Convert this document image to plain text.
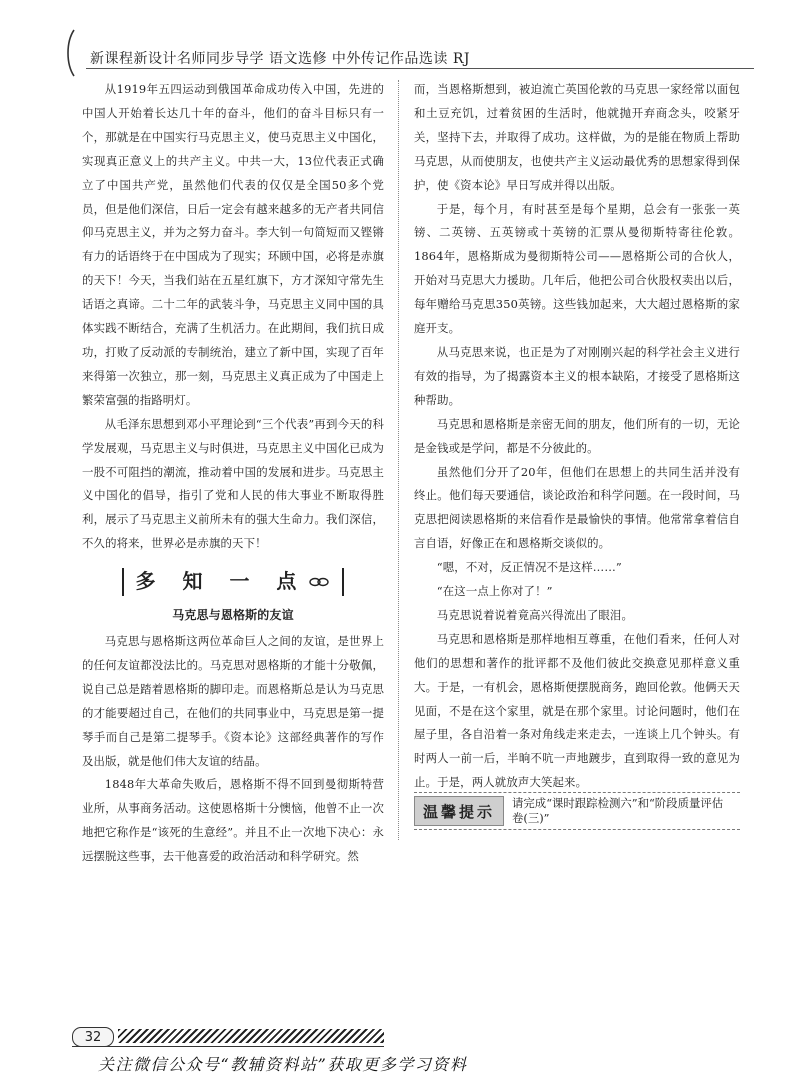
新课程新设计名师同步导学 语文选修 中外传记作品选读 RJ

从1919年五四运动到俄国革命成功传入中国，先进的中国人开始着长达几十年的奋斗，他们的奋斗目标只有一个，那就是在中国实行马克思主义，使马克思主义中国化，实现真正意义上的共产主义。中共一大，13位代表正式确立了中国共产党，虽然他们代表的仅仅是全国50多个党员，但是他们深信，日后一定会有越来越多的无产者共同信仰马克思主义，并为之努力奋斗。李大钊一句简短而又铿锵有力的话语终于在中国成为了现实；环顾中国，必将是赤旗的天下！今天，当我们站在五星红旗下，方才深知守常先生话语之真谛。二十二年的武装斗争，马克思主义同中国的具体实践不断结合，充满了生机活力。在此期间，我们抗日成功，打败了反动派的专制统治，建立了新中国，实现了百年来得第一次独立，那一刻，马克思主义真正成为了中国走上繁荣富强的指路明灯。

从毛泽东思想到邓小平理论到“三个代表”再到今天的科学发展观，马克思主义与时俱进，马克思主义中国化已成为一股不可阻挡的潮流，推动着中国的发展和进步。马克思主义中国化的倡导，指引了党和人民的伟大事业不断取得胜利，展示了马克思主义前所未有的强大生命力。我们深信，不久的将来，世界必是赤旗的天下！

多 知 一 点
马克思与恩格斯的友谊

马克思与恩格斯这两位革命巨人之间的友谊，是世界上的任何友谊都没法比的。马克思对恩格斯的才能十分敬佩，说自己总是踏着恩格斯的脚印走。而恩格斯总是认为马克思的才能要超过自己，在他们的共同事业中，马克思是第一提琴手而自己是第二提琴手。《资本论》这部经典著作的写作及出版，就是他们伟大友谊的结晶。

1848年大革命失败后，恩格斯不得不回到曼彻斯特营业所，从事商务活动。这使恩格斯十分懊恼，他曾不止一次地把它称作是“该死的生意经”。并且不止一次地下决心：永远摆脱这些事，去干他喜爱的政治活动和科学研究。然

而，当恩格斯想到，被迫流亡英国伦敦的马克思一家经常以面包和土豆充饥，过着贫困的生活时，他就抛开弃商念头，咬紧牙关，坚持下去，并取得了成功。这样做，为的是能在物质上帮助马克思，从而使朋友，也使共产主义运动最优秀的思想家得到保护，使《资本论》早日写成并得以出版。

于是，每个月，有时甚至是每个星期，总会有一张张一英镑、二英镑、五英镑或十英镑的汇票从曼彻斯特寄往伦敦。1864年，恩格斯成为曼彻斯特公司——恩格斯公司的合伙人，开始对马克思大力援助。几年后，他把公司合伙股权卖出以后，每年赠给马克思350英镑。这些钱加起来，大大超过恩格斯的家庭开支。

从马克思来说，也正是为了对刚刚兴起的科学社会主义进行有效的指导，为了揭露资本主义的根本缺陷，才接受了恩格斯这种帮助。

马克思和恩格斯是亲密无间的朋友，他们所有的一切，无论是金钱或是学问，都是不分彼此的。

虽然他们分开了20年，但他们在思想上的共同生活并没有终止。他们每天要通信，谈论政治和科学问题。在一段时间，马克思把阅读恩格斯的来信看作是最愉快的事情。他常常拿着信自言自语，好像正在和恩格斯交谈似的。

“嗯，不对，反正情况不是这样……”

“在这一点上你对了！”

马克思说着说着竟高兴得流出了眼泪。

马克思和恩格斯是那样地相互尊重，在他们看来，任何人对他们的思想和著作的批评都不及他们彼此交换意见那样意义重大。于是，一有机会，恩格斯便摆脱商务，跑回伦敦。他俩天天见面，不是在这个家里，就是在那个家里。讨论问题时，他们在屋子里，各自沿着一条对角线走来走去，一连谈上几个钟头。有时两人一前一后，半晌不吭一声地踱步，直到取得一致的意见为止。于是，两人就放声大笑起来。

温馨提示	请完成“课时跟踪检测六”和“阶段质量评估卷(三)”
32
关注微信公众号“教辅资料站”获取更多学习资料
